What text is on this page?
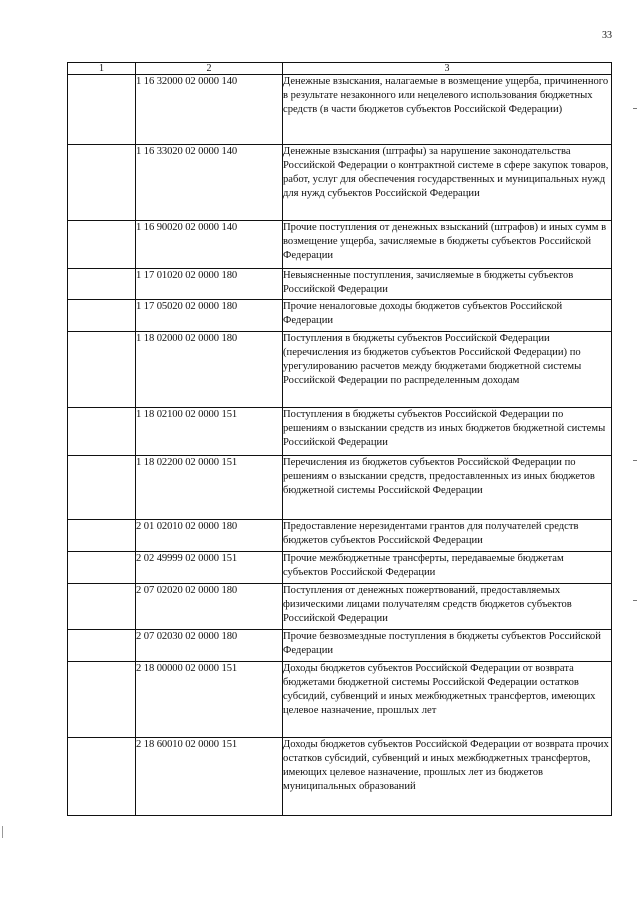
33
1	2	3
	1 16 32000 02 0000 140	Денежные взыскания, налагаемые в возмещение ущерба, причиненного в результате незаконного или нецелевого использования бюджетных средств (в части бюджетов субъектов Российской Федерации)
	1 16 33020 02 0000 140	Денежные взыскания (штрафы) за нарушение законодательства Российской Федерации о контрактной системе в сфере закупок товаров, работ, услуг для обеспечения государственных и муниципальных нужд для нужд субъектов Российской Федерации
	1 16 90020 02 0000 140	Прочие поступления от денежных взысканий (штрафов) и иных сумм в возмещение ущерба, зачисляемые в бюджеты субъектов Российской Федерации
	1 17 01020 02 0000 180	Невыясненные поступления, зачисляемые в бюджеты субъектов Российской Федерации
	1 17 05020 02 0000 180	Прочие неналоговые доходы бюджетов субъектов Российской Федерации
	1 18 02000 02 0000 180	Поступления в бюджеты субъектов Российской Федерации (перечисления из бюджетов субъектов Российской Федерации) по урегулированию расчетов между бюджетами бюджетной системы Российской Федерации по распределенным доходам
	1 18 02100 02 0000 151	Поступления в бюджеты субъектов Российской Федерации по решениям о взыскании средств из иных бюджетов бюджетной системы Российской Федерации
	1 18 02200 02 0000 151	Перечисления из бюджетов субъектов Российской Федерации по решениям о взыскании средств, предоставленных из иных бюджетов бюджетной системы Российской Федерации
	2 01 02010 02 0000 180	Предоставление нерезидентами грантов для получателей средств бюджетов субъектов Российской Федерации
	2 02 49999 02 0000 151	Прочие межбюджетные трансферты, передаваемые бюджетам субъектов Российской Федерации
	2 07 02020 02 0000 180	Поступления от денежных пожертвований, предоставляемых физическими лицами получателям средств бюджетов субъектов Российской Федерации
	2 07 02030 02 0000 180	Прочие безвозмездные поступления в бюджеты субъектов Российской Федерации
	2 18 00000 02 0000 151	Доходы бюджетов субъектов Российской Федерации от возврата бюджетами бюджетной системы Российской Федерации остатков субсидий, субвенций и иных межбюджетных трансфертов, имеющих целевое назначение, прошлых лет
	2 18 60010 02 0000 151	Доходы бюджетов субъектов Российской Федерации от возврата прочих остатков субсидий, субвенций и иных межбюджетных трансфертов, имеющих целевое назначение, прошлых лет из бюджетов муниципальных образований
